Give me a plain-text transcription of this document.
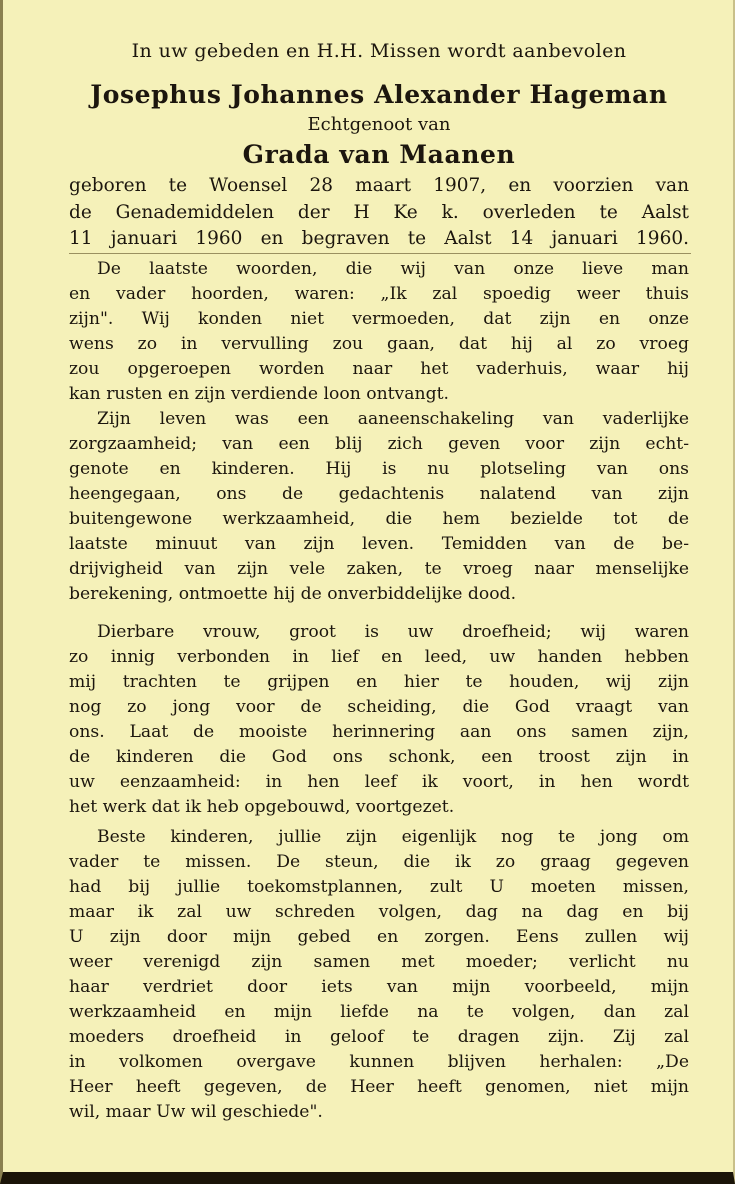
In uw gebeden en H.H. Missen wordt aanbevolen
Josephus Johannes Alexander Hageman
Echtgenoot van
Grada van Maanen
geboren te Woensel 28 maart 1907, en voorzien van
de Genademiddelen der H Ke k. overleden te Aalst
11 januari 1960 en begraven te Aalst 14 januari 1960.
De laatste woorden, die wij van onze lieve man
en vader hoorden, waren: „Ik zal spoedig weer thuis
zijn". Wij konden niet vermoeden, dat zijn en onze
wens zo in vervulling zou gaan, dat hij al zo vroeg
zou opgeroepen worden naar het vaderhuis, waar hij
kan rusten en zijn verdiende loon ontvangt.
Zijn leven was een aaneenschakeling van vaderlijke
zorgzaamheid; van een blij zich geven voor zijn echt-
genote en kinderen. Hij is nu plotseling van ons
heengegaan, ons de gedachtenis nalatend van zijn
buitengewone werkzaamheid, die hem bezielde tot de
laatste minuut van zijn leven. Temidden van de be-
drijvigheid van zijn vele zaken, te vroeg naar menselijke
berekening, ontmoette hij de onverbiddelijke dood.
Dierbare vrouw, groot is uw droefheid; wij waren
zo innig verbonden in lief en leed, uw handen hebben
mij trachten te grijpen en hier te houden, wij zijn
nog zo jong voor de scheiding, die God vraagt van
ons. Laat de mooiste herinnering aan ons samen zijn,
de kinderen die God ons schonk, een troost zijn in
uw eenzaamheid: in hen leef ik voort, in hen wordt
het werk dat ik heb opgebouwd, voortgezet.
Beste kinderen, jullie zijn eigenlijk nog te jong om
vader te missen. De steun, die ik zo graag gegeven
had bij jullie toekomstplannen, zult U moeten missen,
maar ik zal uw schreden volgen, dag na dag en bij
U zijn door mijn gebed en zorgen. Eens zullen wij
weer verenigd zijn samen met moeder; verlicht nu
haar verdriet door iets van mijn voorbeeld, mijn
werkzaamheid en mijn liefde na te volgen, dan zal
moeders droefheid in geloof te dragen zijn. Zij zal
in volkomen overgave kunnen blijven herhalen: „De
Heer heeft gegeven, de Heer heeft genomen, niet mijn
wil, maar Uw wil geschiede".
